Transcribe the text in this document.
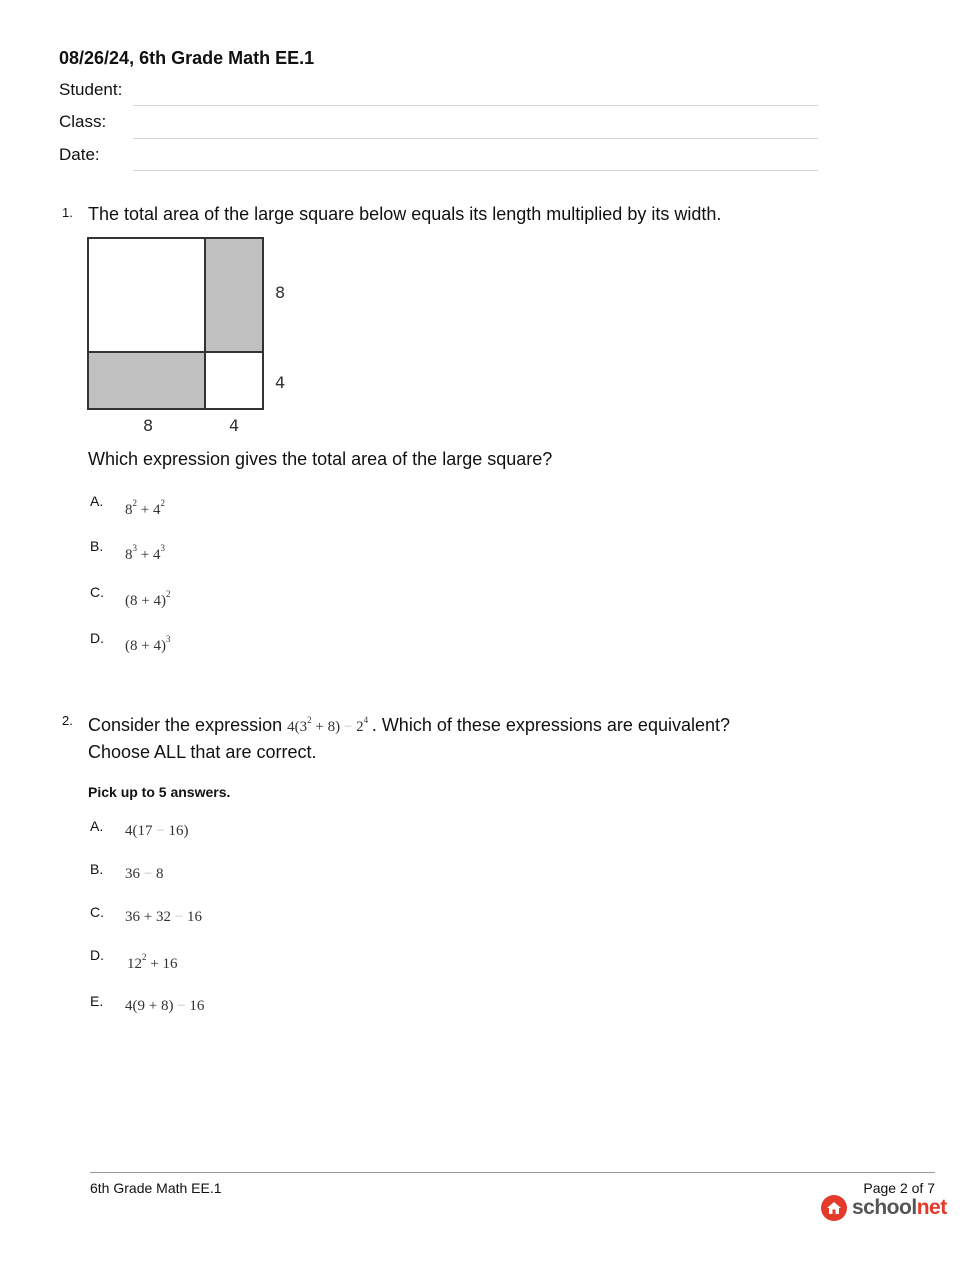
08/26/24, 6th Grade Math EE.1
Student:
Class:
Date:
1. The total area of the large square below equals its length multiplied by its width.
8
4
8	4
Which expression gives the total area of the large square?
A.
$8^2 + 4^2$
B.
$8^3 + 4^3$
C.
$(8 + 4)^2$
D. $(8 + 4)^3$
2. Consider the expression $4(3^2 + 8) - 2^4$ . Which of these expressions are equivalent?
Choose ALL that are correct.
Pick up to 5 answers.
A. 4(17 − 16)
B. 36 − 8
C. 36 + 32 − 16
D.
$12^2 + 16$
E. 4(9 + 8) − 16
6th Grade Math EE.1	Page 2 of 7
schoolnet
